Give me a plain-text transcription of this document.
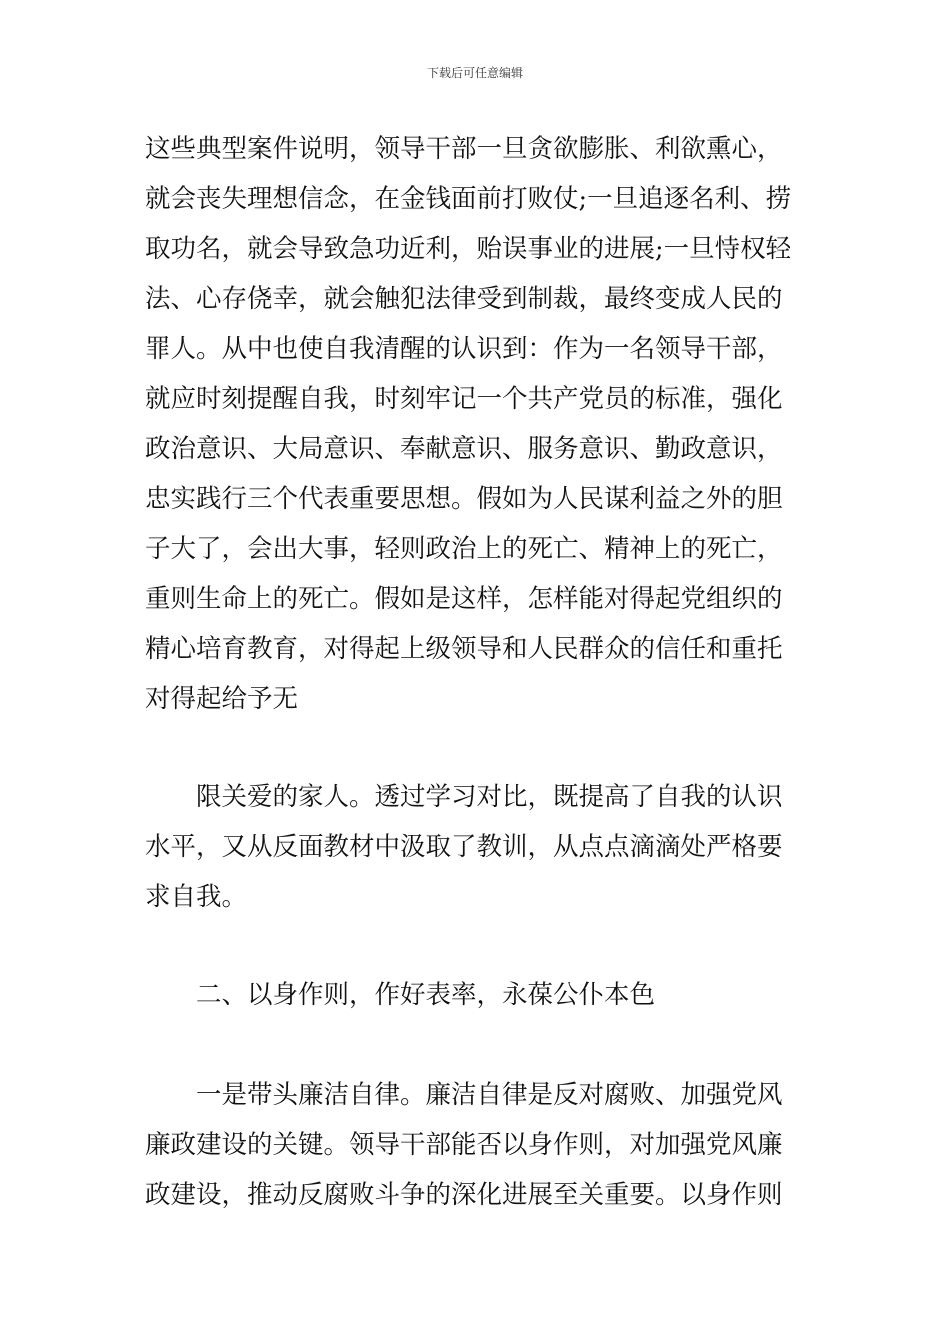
下载后可任意编辑
这些典型案件说明，领导干部一旦贪欲膨胀、利欲熏心，
就会丧失理想信念，在金钱面前打败仗;一旦追逐名利、捞
取功名，就会导致急功近利，贻误事业的进展;一旦恃权轻
法、心存侥幸，就会触犯法律受到制裁，最终变成人民的
罪人。从中也使自我清醒的认识到：作为一名领导干部，
就应时刻提醒自我，时刻牢记一个共产党员的标准，强化
政治意识、大局意识、奉献意识、服务意识、勤政意识，
忠实践行三个代表重要思想。假如为人民谋利益之外的胆
子大了，会出大事，轻则政治上的死亡、精神上的死亡，
重则生命上的死亡。假如是这样，怎样能对得起党组织的
精心培育教育，对得起上级领导和人民群众的信任和重托
对得起给予无
　　限关爱的家人。透过学习对比，既提高了自我的认识
水平，又从反面教材中汲取了教训，从点点滴滴处严格要
求自我。
　　二、以身作则，作好表率，永葆公仆本色
　　一是带头廉洁自律。廉洁自律是反对腐败、加强党风
廉政建设的关键。领导干部能否以身作则，对加强党风廉
政建设，推动反腐败斗争的深化进展至关重要。以身作则
